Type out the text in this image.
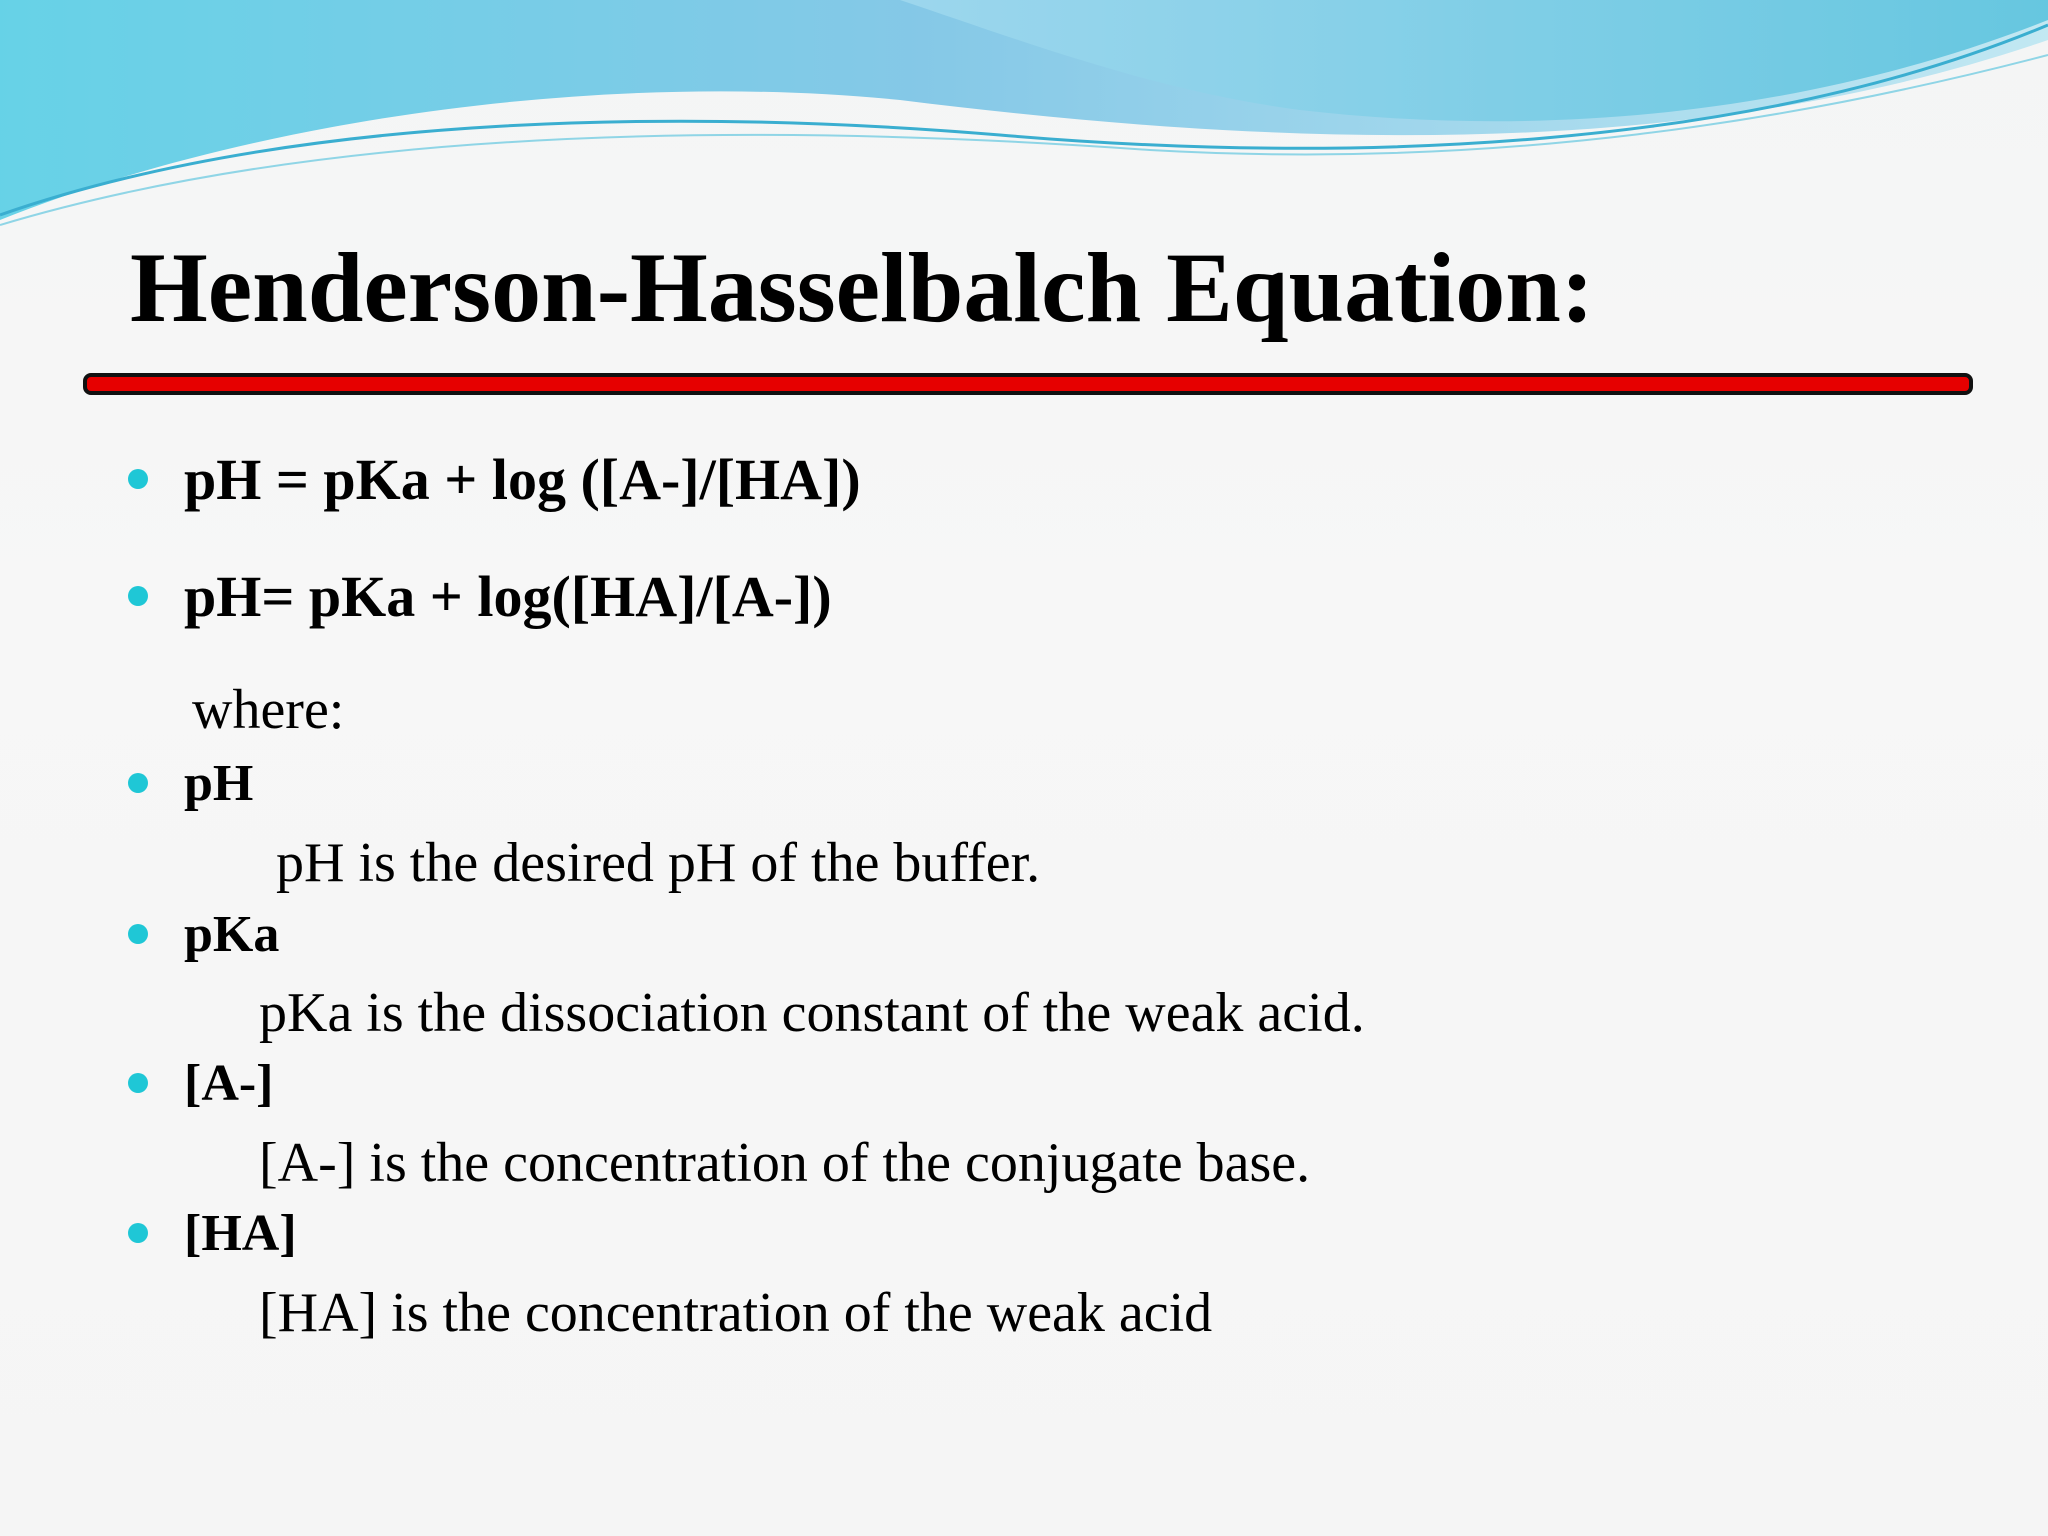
Henderson-Hasselbalch Equation:

pH = pKa + log ([A-]/[HA])

pH= pKa + log([HA]/[A-])

where:

pH

pH is the desired pH of the buffer.

pKa

pKa is the dissociation constant of the weak acid.

[A-]

[A-] is the concentration of the conjugate base.

[HA]

[HA] is the concentration of the weak acid
